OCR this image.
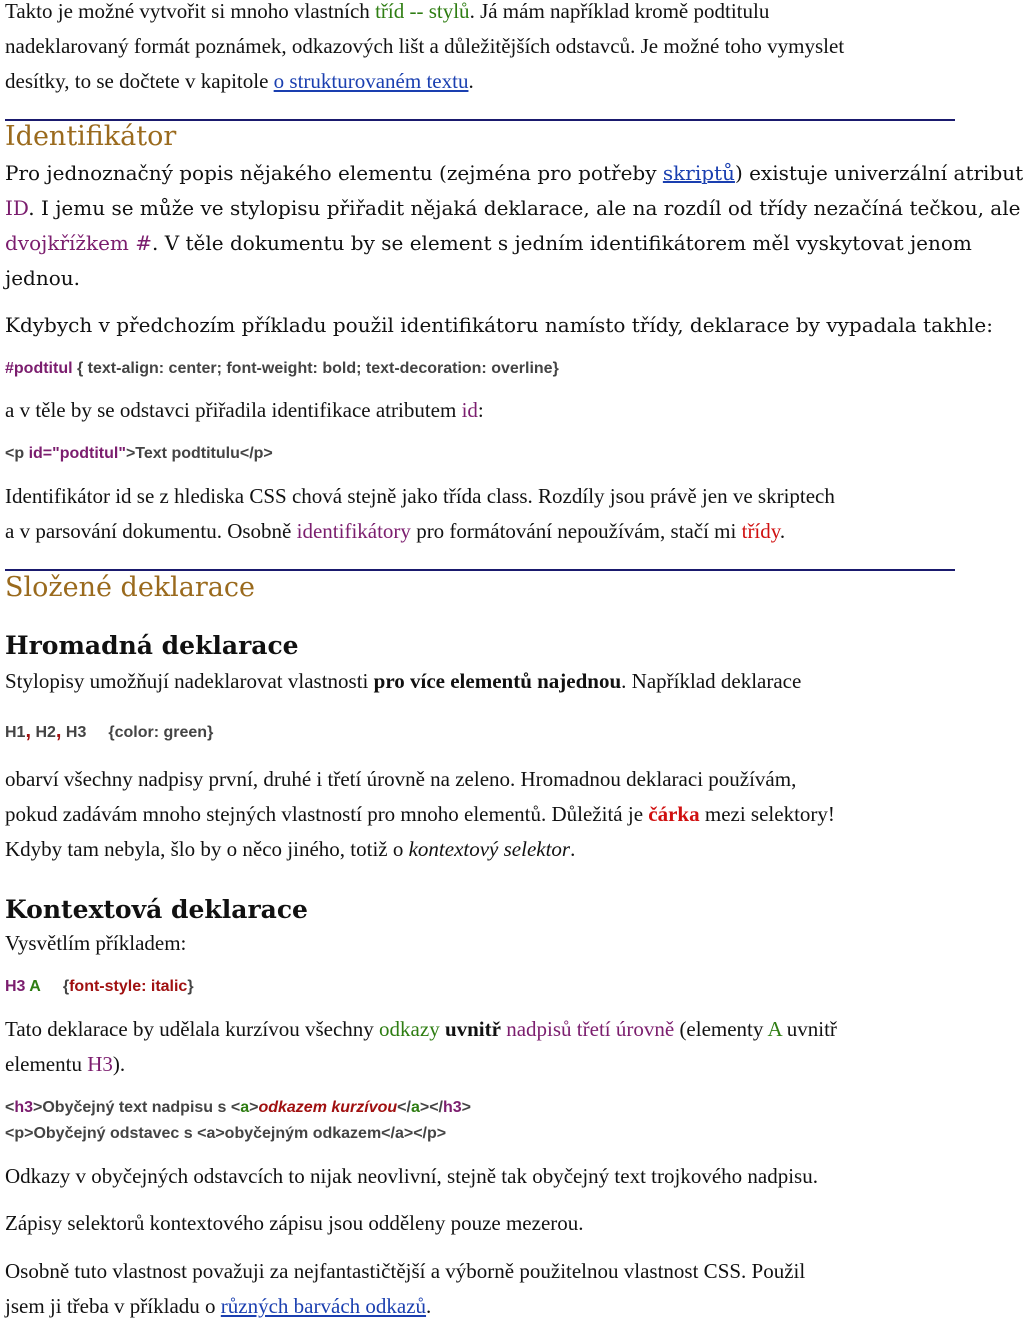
Takto je možné vytvořit si mnoho vlastních tříd -- stylů. Já mám například kromě podtitulu
nadeklarovaný formát poznámek, odkazových lišt a důležitějších odstavců. Je možné toho vymyslet
desítky, to se dočtete v kapitole o strukturovaném textu.
Identifikátor
Pro jednoznačný popis nějakého elementu (zejména pro potřeby skriptů) existuje univerzální atribut
ID. I jemu se může ve stylopisu přiřadit nějaká deklarace, ale na rozdíl od třídy nezačíná tečkou, ale
dvojkřížkem #. V těle dokumentu by se element s jedním identifikátorem měl vyskytovat jenom
jednou.
Kdybych v předchozím příkladu použil identifikátoru namísto třídy, deklarace by vypadala takhle:
#podtitul { text-align: center; font-weight: bold; text-decoration: overline}
a v těle by se odstavci přiřadila identifikace atributem id:
<p id="podtitul">Text podtitulu</p>
Identifikátor id se z hlediska CSS chová stejně jako třída class. Rozdíly jsou právě jen ve skriptech
a v parsování dokumentu. Osobně identifikátory pro formátování nepoužívám, stačí mi třídy.
Složené deklarace
Hromadná deklarace
Stylopisy umožňují nadeklarovat vlastnosti pro více elementů najednou. Například deklarace
H1, H2, H3 {color: green}
obarví všechny nadpisy první, druhé i třetí úrovně na zeleno. Hromadnou deklaraci používám,
pokud zadávám mnoho stejných vlastností pro mnoho elementů. Důležitá je čárka mezi selektory!
Kdyby tam nebyla, šlo by o něco jiného, totiž o kontextový selektor.
Kontextová deklarace
Vysvětlím příkladem:
H3 A {font-style: italic}
Tato deklarace by udělala kurzívou všechny odkazy uvnitř nadpisů třetí úrovně (elementy A uvnitř
elementu H3).
<h3>Obyčejný text nadpisu s <a>odkazem kurzívou</a></h3>
<p>Obyčejný odstavec s <a>obyčejným odkazem</a></p>
Odkazy v obyčejných odstavcích to nijak neovlivní, stejně tak obyčejný text trojkového nadpisu.
Zápisy selektorů kontextového zápisu jsou odděleny pouze mezerou.
Osobně tuto vlastnost považuji za nejfantastičtější a výborně použitelnou vlastnost CSS. Použil
jsem ji třeba v příkladu o různých barvách odkazů.
